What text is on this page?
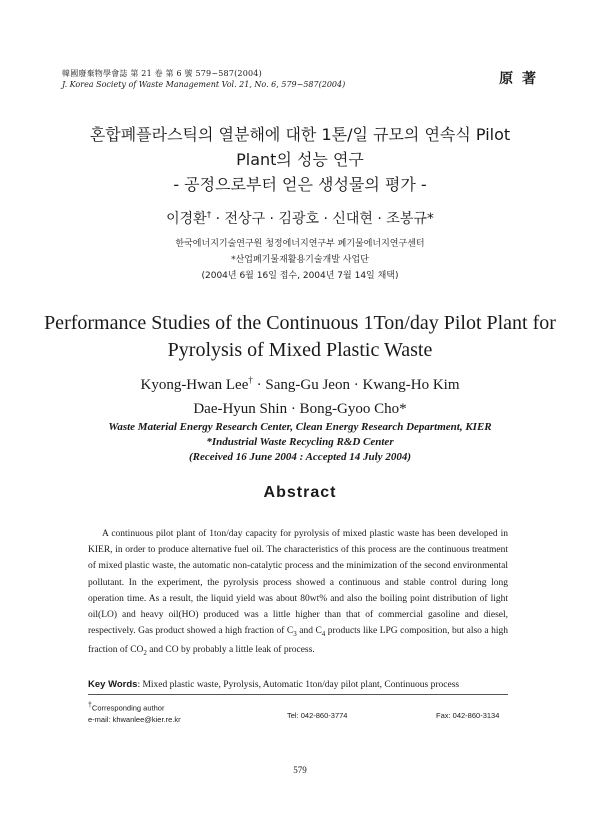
韓國廢棄物學會誌 第 21 卷 第 6 號 579~587(2004)
J. Korea Society of Waste Management Vol. 21, No. 6, 579~587(2004)	原 著
혼합폐플라스틱의 열분해에 대한 1톤/일 규모의 연속식 Pilot
Plant의 성능 연구
- 공정으로부터 얻은 생성물의 평가 -
이경환† · 전상구 · 김광호 · 신대현 · 조봉규*
한국에너지기술연구원 청정에너지연구부 폐기물에너지연구센터
*산업폐기물재활용기술개발 사업단
(2004년 6월 16일 접수, 2004년 7월 14일 채택)
Performance Studies of the Continuous 1Ton/day Pilot Plant for
Pyrolysis of Mixed Plastic Waste
Kyong-Hwan Lee† · Sang-Gu Jeon · Kwang-Ho Kim
Dae-Hyun Shin · Bong-Gyoo Cho*
Waste Material Energy Research Center, Clean Energy Research Department, KIER
*Industrial Waste Recycling R&D Center
(Received 16 June 2004 : Accepted 14 July 2004)
Abstract
A continuous pilot plant of 1ton/day capacity for pyrolysis of mixed plastic waste has been developed in KIER, in order to produce alternative fuel oil. The characteristics of this process are the continuous treatment of mixed plastic waste, the automatic non-catalytic process and the minimization of the second environmental pollutant. In the experiment, the pyrolysis process showed a continuous and stable control during long operation time. As a result, the liquid yield was about 80wt% and also the boiling point distribution of light oil(LO) and heavy oil(HO) produced was a little higher than that of commercial gasoline and diesel, respectively. Gas product showed a high fraction of $C_3$ and $C_4$ products like LPG composition, but also a high fraction of $CO_2$ and CO by probably a little leak of process.
Key Words: Mixed plastic waste, Pyrolysis, Automatic 1ton/day pilot plant, Continuous process
†Corresponding author
e-mail: khwanlee@kier.re.kr	Tel: 042-860-3774	Fax: 042-860-3134
579
